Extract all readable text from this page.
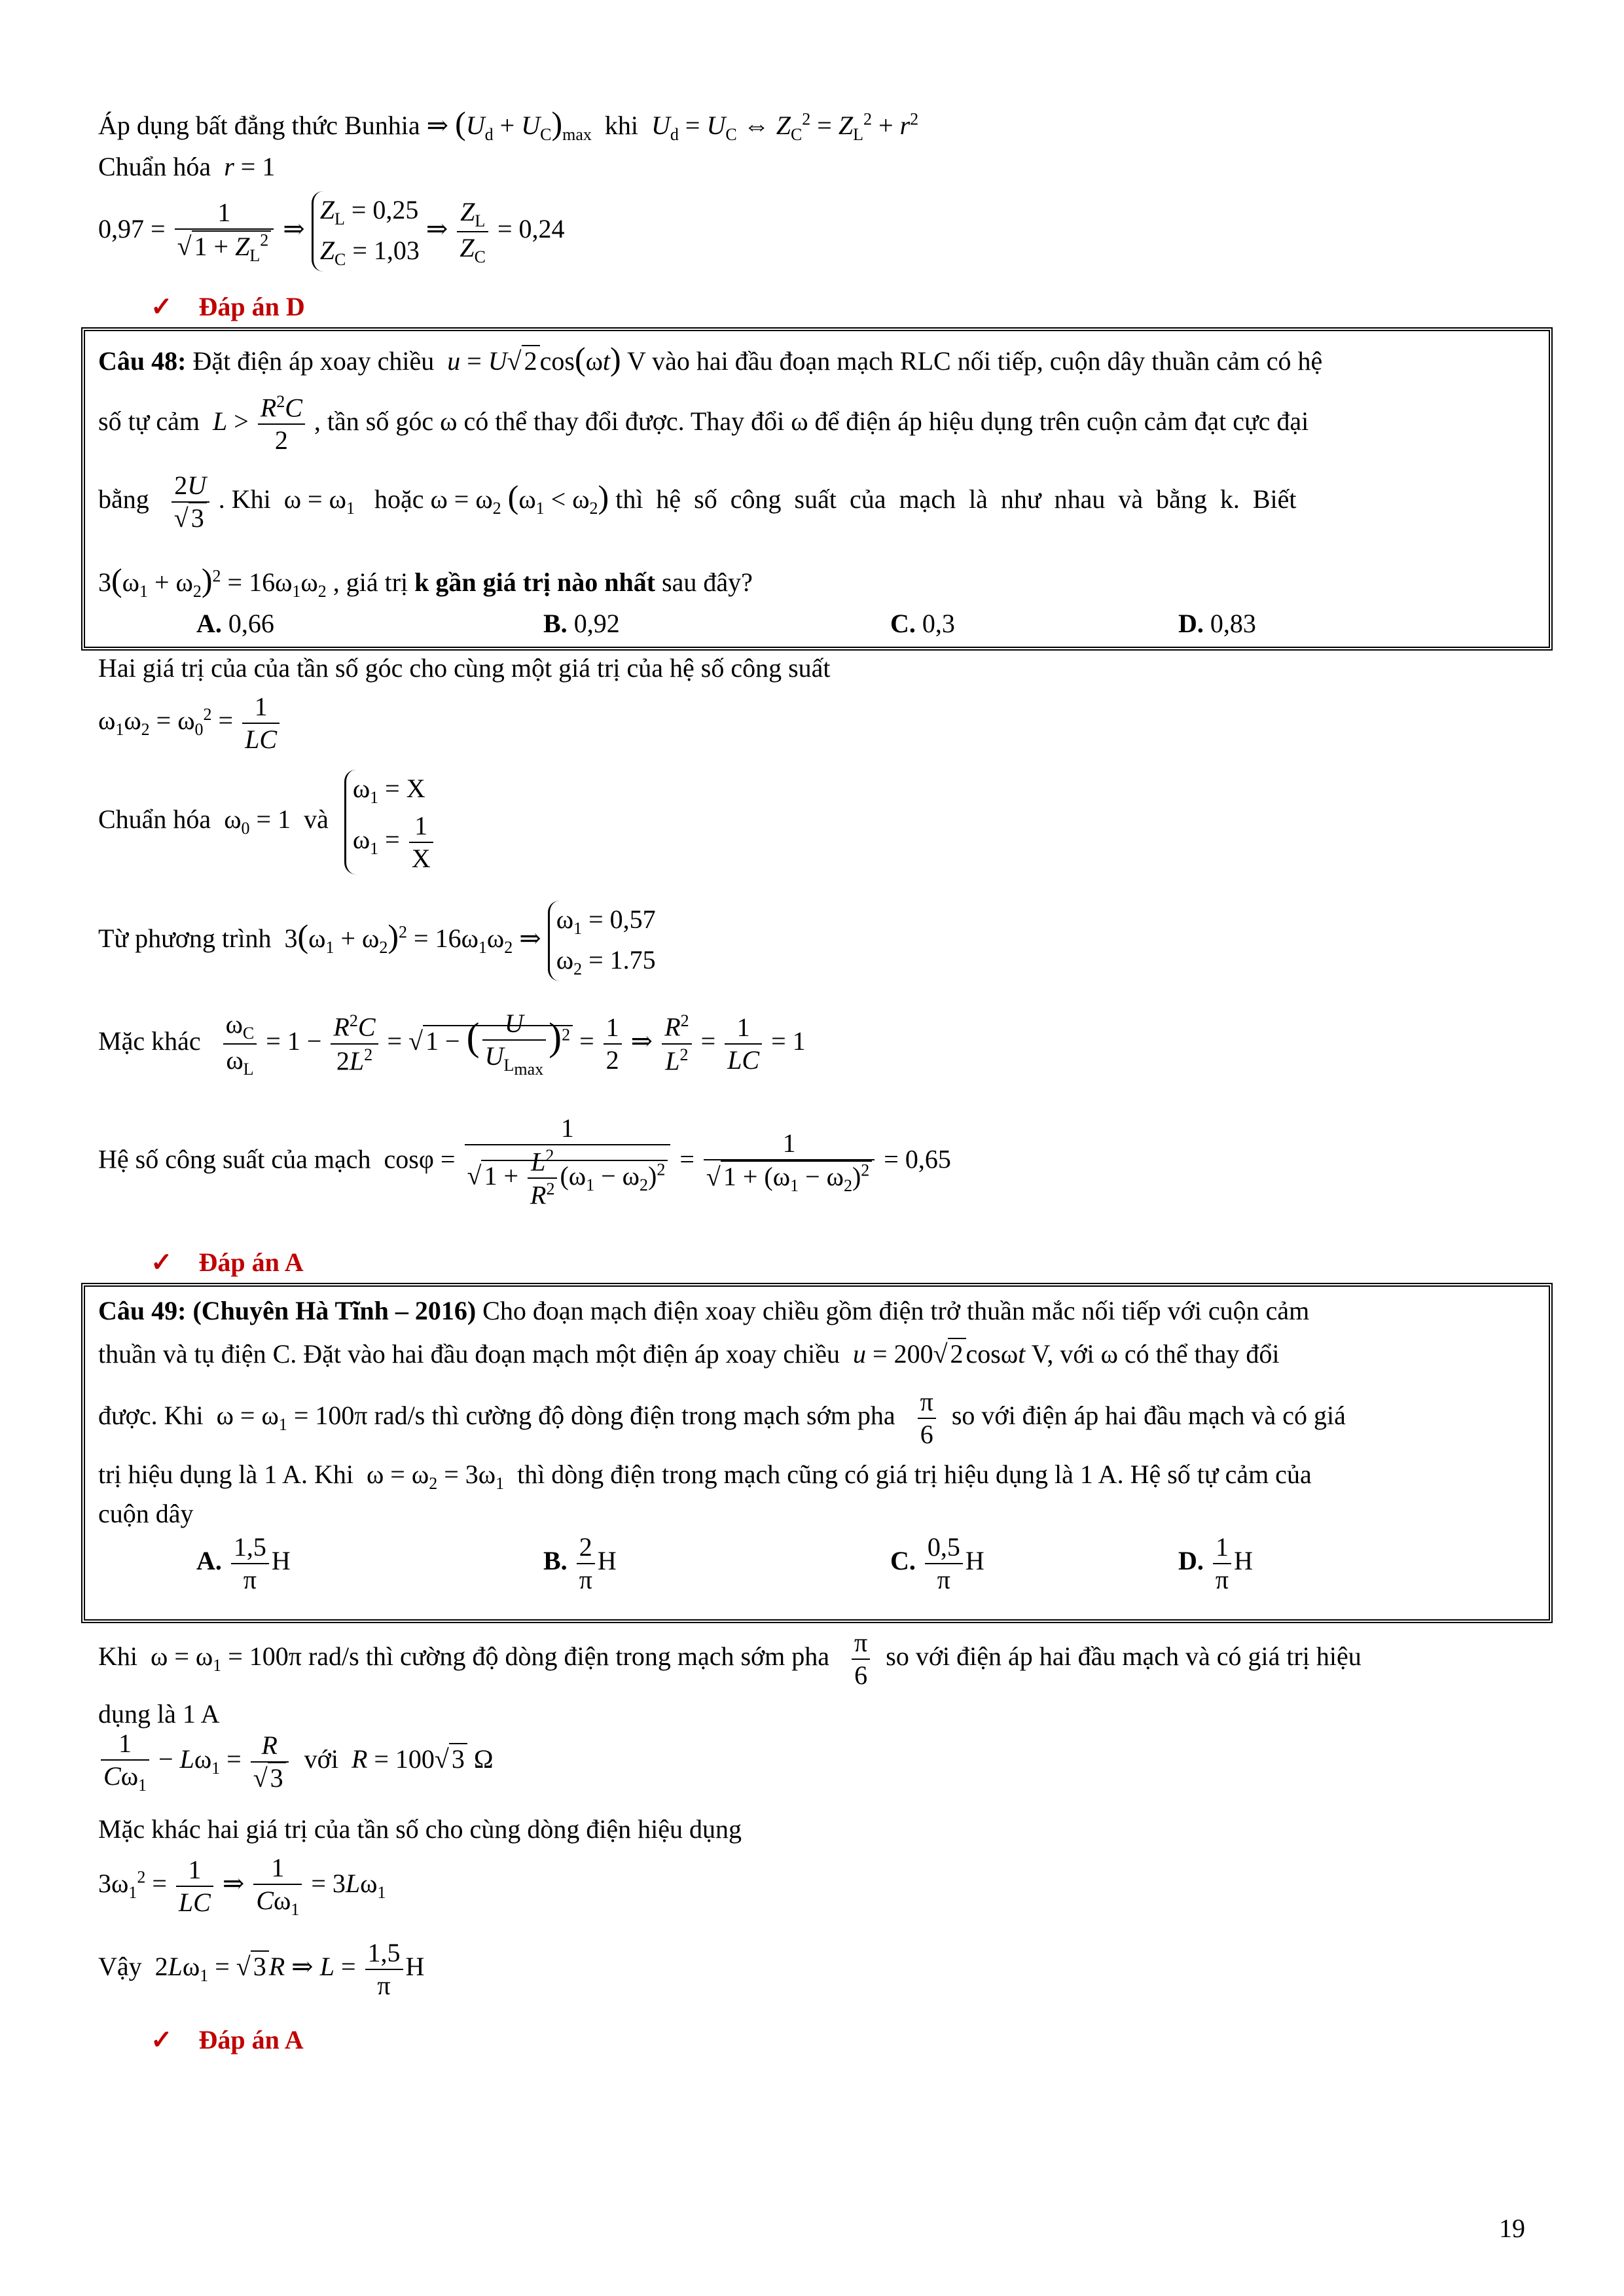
Áp dụng bất đẳng thức Bunhia ⇒ $(U_d + U_C)_{max}$  khi  $U_d = U_C$ ⇔ $Z_C^2 = Z_L^2 + r^2$
Chuẩn hóa  r = 1
$0,97 = \frac{1}{√ 1 + Z_L^2}$ ⇒
$Z_L = 0,25$
$Z_C = 1,03$
⇒ $\frac{Z_L}{Z_C} = 0,24$
✓ Đáp án D
Câu 48: Đặt điện áp xoay chiều  u = U√ 2 cos(ωt) V vào hai đầu đoạn mạch RLC nối tiếp, cuộn dây thuần cảm có hệ
số tự cảm  $L > \frac{R^2C}{2}$ , tần số góc ω có thể thay đổi được. Thay đổi ω để điện áp hiệu dụng trên cuộn cảm đạt cực đại
bằng $\frac{2U}{√ 3}$ . Khi  $\omega = \omega_1$   hoặc $\omega = \omega_2$ $(\omega_1 < \omega_2)$ thì  hệ  số  công  suất  của  mạch  là  như  nhau  và  bằng  k.  Biết
$3(\omega_1 + \omega_2)^2 = 16\omega_1\omega_2$ , giá trị k gần giá trị nào nhất sau đây?
A. 0,66	B. 0,92	C. 0,3	D. 0,83
Hai giá trị của của tần số góc cho cùng một giá trị của hệ số công suất
$\omega_1\omega_2 = \omega_0^2 = \frac{1}{LC}$
Chuẩn hóa  $\omega_0 = 1$  và
$\omega_1 = X$
$\omega_1 = \frac{1}{X}$
Từ phương trình  $3(\omega_1 + \omega_2)^2 = 16\omega_1\omega_2$ ⇒
$\omega_1 = 0,57$
$\omega_2 = 1.75$
Mặc khác $\frac{\omega_C}{\omega_L} = 1 - \frac{R^2C}{2L^2}$ = √ 1 − ( $\frac{U}{U_{L_{max}}} )^2 = \frac{1}{2}$ ⇒ $\frac{R^2}{L^2} = \frac{1}{LC} = 1$
Hệ số công suất của mạch  $\cos\varphi = \frac{1}{√ 1 + \frac{L^2}{R^2} (\omega_1 - \omega_2)^2} = \frac{1}{√ 1 + (\omega_1 - \omega_2)^2} = 0,65$
✓ Đáp án A
Câu 49: (Chuyên Hà Tĩnh – 2016) Cho đoạn mạch điện xoay chiều gồm điện trở thuần mắc nối tiếp với cuộn cảm
thuần và tụ điện C. Đặt vào hai đầu đoạn mạch một điện áp xoay chiều  u = 200√ 2 cosωt V, với ω có thể thay đổi
được. Khi  $\omega = \omega_1 = 100\pi$ rad/s thì cường độ dòng điện trong mạch sớm pha $\frac{\pi}{6}$ so với điện áp hai đầu mạch và có giá
trị hiệu dụng là 1 A. Khi  $\omega = \omega_2 = 3\omega_1$  thì dòng điện trong mạch cũng có giá trị hiệu dụng là 1 A. Hệ số tự cảm của
cuộn dây
A. $\frac{1,5}{\pi}$ H	B. $\frac{2}{\pi}$ H	C. $\frac{0,5}{\pi}$ H	D. $\frac{1}{\pi}$ H
Khi  $\omega = \omega_1 = 100\pi$ rad/s thì cường độ dòng điện trong mạch sớm pha $\frac{\pi}{6}$ so với điện áp hai đầu mạch và có giá trị hiệu
dụng là 1 A
$\frac{1}{C\omega_1} - L\omega_1 = \frac{R}{√ 3}$ với  R = 100√ 3 Ω
Mặc khác hai giá trị của tần số cho cùng dòng điện hiệu dụng
$3\omega_1^2 = \frac{1}{LC}$ ⇒ $\frac{1}{C\omega_1} = 3L\omega_1$
Vậy  $2L\omega_1$ = √ 3 R ⇒ $L = \frac{1,5}{\pi}$ H
✓ Đáp án A
19
